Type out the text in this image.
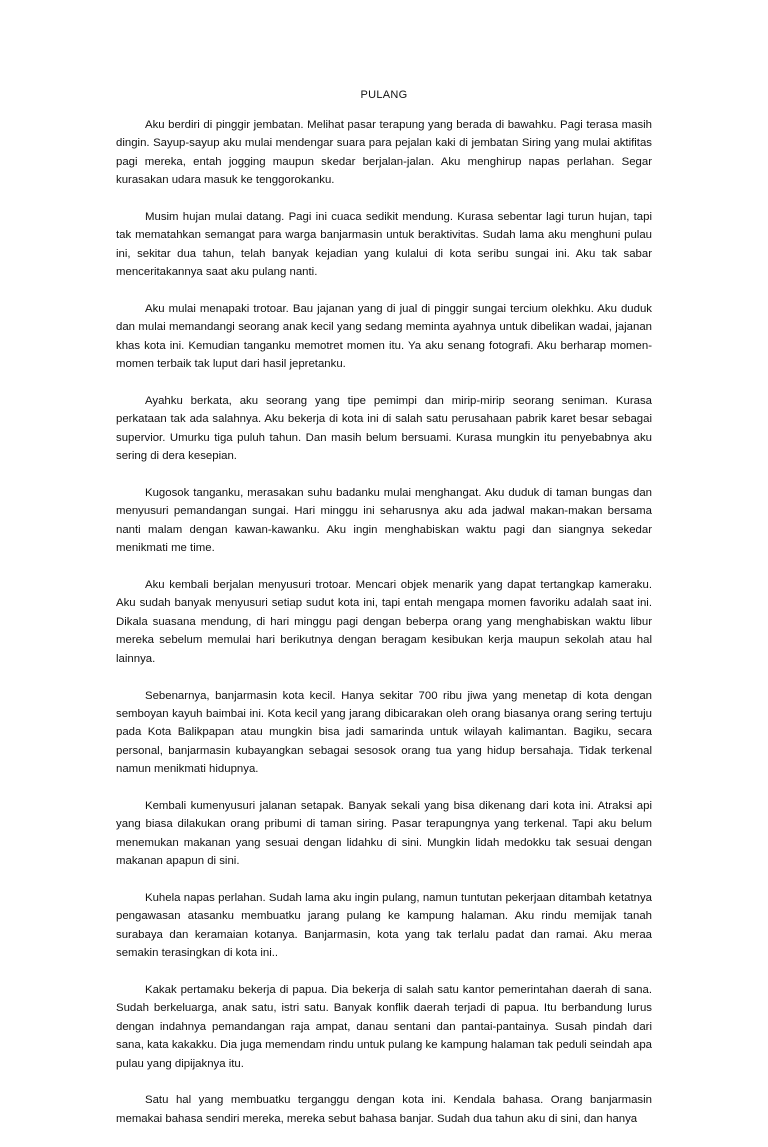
PULANG

Aku berdiri di pinggir jembatan. Melihat pasar terapung yang berada di bawahku. Pagi terasa masih dingin. Sayup-sayup aku mulai mendengar suara para pejalan kaki di jembatan Siring yang mulai aktifitas pagi mereka, entah jogging maupun skedar berjalan-jalan. Aku menghirup napas perlahan. Segar kurasakan udara masuk ke tenggorokanku.

Musim hujan mulai datang. Pagi ini cuaca sedikit mendung. Kurasa sebentar lagi turun hujan, tapi tak mematahkan semangat para warga banjarmasin untuk beraktivitas. Sudah lama aku menghuni pulau ini, sekitar dua tahun, telah banyak kejadian yang kulalui di kota seribu sungai ini. Aku tak sabar menceritakannya saat aku pulang nanti.

Aku mulai menapaki trotoar. Bau jajanan yang di jual di pinggir sungai tercium olekhku. Aku duduk dan mulai memandangi seorang anak kecil yang sedang meminta ayahnya untuk dibelikan wadai, jajanan khas kota ini. Kemudian tanganku memotret momen itu. Ya aku senang fotografi. Aku berharap momen-momen terbaik tak luput dari hasil jepretanku.

Ayahku berkata, aku seorang yang tipe pemimpi dan mirip-mirip seorang seniman. Kurasa perkataan tak ada salahnya. Aku bekerja di kota ini di salah satu perusahaan pabrik karet besar sebagai supervior. Umurku tiga puluh tahun. Dan masih belum bersuami. Kurasa mungkin itu penyebabnya aku sering di dera kesepian.

Kugosok tanganku, merasakan suhu badanku mulai menghangat. Aku duduk di taman bungas dan menyusuri pemandangan sungai. Hari minggu ini seharusnya aku ada jadwal makan-makan bersama nanti malam dengan kawan-kawanku. Aku ingin menghabiskan waktu pagi dan siangnya sekedar menikmati me time.

Aku kembali berjalan menyusuri trotoar. Mencari objek menarik yang dapat tertangkap kameraku. Aku sudah banyak menyusuri setiap sudut kota ini, tapi entah mengapa momen favoriku adalah saat ini. Dikala suasana mendung, di hari minggu pagi dengan beberpa orang yang menghabiskan waktu libur mereka sebelum memulai hari berikutnya dengan beragam kesibukan kerja maupun sekolah atau hal lainnya.

Sebenarnya, banjarmasin kota kecil. Hanya sekitar 700 ribu jiwa yang menetap di kota dengan semboyan kayuh baimbai ini. Kota kecil yang jarang dibicarakan oleh orang biasanya orang sering tertuju pada Kota Balikpapan atau mungkin bisa jadi samarinda untuk wilayah kalimantan. Bagiku, secara personal, banjarmasin kubayangkan sebagai sesosok orang tua yang hidup bersahaja. Tidak terkenal namun menikmati hidupnya.

Kembali kumenyusuri jalanan setapak. Banyak sekali yang bisa dikenang dari kota ini. Atraksi api yang biasa dilakukan orang pribumi di taman siring. Pasar terapungnya yang terkenal. Tapi aku belum menemukan makanan yang sesuai dengan lidahku di sini. Mungkin lidah medokku tak sesuai dengan makanan apapun di sini.

Kuhela napas perlahan. Sudah lama aku ingin pulang, namun tuntutan pekerjaan ditambah ketatnya pengawasan atasanku membuatku jarang pulang ke kampung halaman. Aku rindu memijak tanah surabaya dan keramaian kotanya. Banjarmasin, kota yang tak terlalu padat dan ramai. Aku meraa semakin terasingkan di kota ini..

Kakak pertamaku bekerja di papua. Dia bekerja di salah satu kantor pemerintahan daerah di sana. Sudah berkeluarga, anak satu, istri satu. Banyak konflik daerah terjadi di papua. Itu berbandung lurus dengan indahnya pemandangan raja ampat, danau sentani dan pantai-pantainya. Susah pindah dari sana, kata kakakku. Dia juga memendam rindu untuk pulang ke kampung halaman tak peduli seindah apa pulau yang dipijaknya itu.

Satu hal yang membuatku terganggu dengan kota ini. Kendala bahasa. Orang banjarmasin memakai bahasa sendiri mereka, mereka sebut bahasa banjar. Sudah dua tahun aku di sini, dan hanya
